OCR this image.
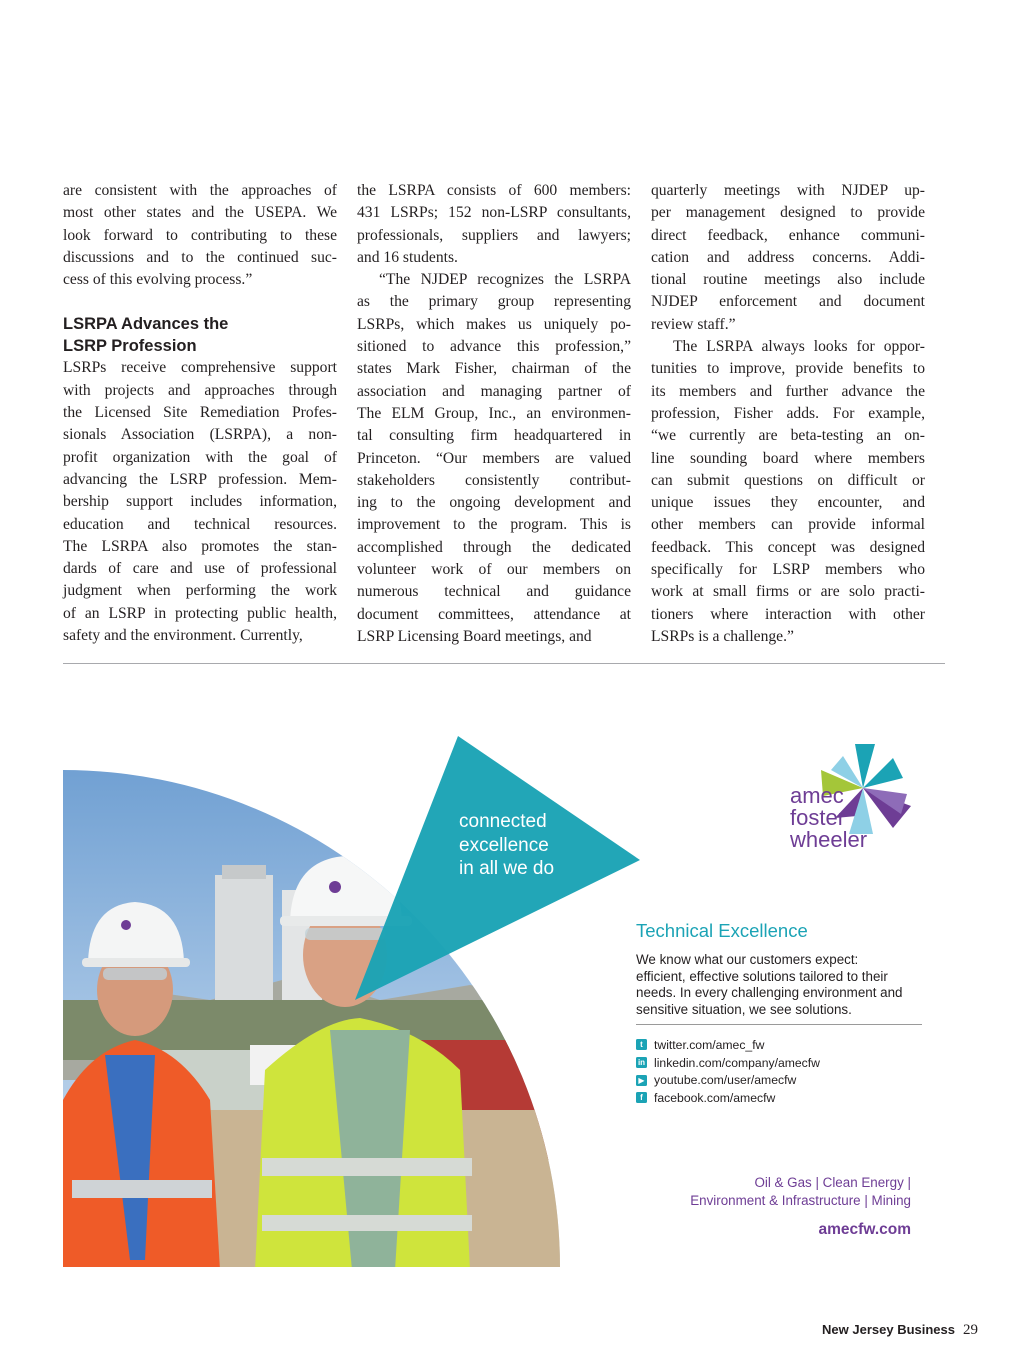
are consistent with the approaches of
most other states and the USEPA. We
look forward to contributing to these
discussions and to the continued suc-
cess of this evolving process.”

LSRPA Advances the
LSRP Profession

LSRPs receive comprehensive support
with projects and approaches through
the Licensed Site Remediation Profes-
sionals Association (LSRPA), a non-
profit organization with the goal of
advancing the LSRP profession. Mem-
bership support includes information,
education and technical resources.
The LSRPA also promotes the stan-
dards of care and use of professional
judgment when performing the work
of an LSRP in protecting public health,
safety and the environment. Currently,

the LSRPA consists of 600 members:
431 LSRPs; 152 non-LSRP consultants,
professionals, suppliers and lawyers;
and 16 students.

“The NJDEP recognizes the LSRPA
as the primary group representing
LSRPs, which makes us uniquely po-
sitioned to advance this profession,”
states Mark Fisher, chairman of the
association and managing partner of
The ELM Group, Inc., an environmen-
tal consulting firm headquartered in
Princeton. “Our members are valued
stakeholders consistently contribut-
ing to the ongoing development and
improvement to the program. This is
accomplished through the dedicated
volunteer work of our members on
numerous technical and guidance
document committees, attendance at
LSRP Licensing Board meetings, and

quarterly meetings with NJDEP up-
per management designed to provide
direct feedback, enhance communi-
cation and address concerns. Addi-
tional routine meetings also include
NJDEP enforcement and document
review staff.”

The LSRPA always looks for oppor-
tunities to improve, provide benefits to
its members and further advance the
profession, Fisher adds. For example,
“we currently are beta-testing an on-
line sounding board where members
can submit questions on difficult or
unique issues they encounter, and
other members can provide informal
feedback. This concept was designed
specifically for LSRP members who
work at small firms or are solo practi-
tioners where interaction with other
LSRPs is a challenge.”

connected
excellence
in all we do
amec
foster
wheeler
Technical Excellence
We know what our customers expect:
efficient, effective solutions tailored to their
needs. In every challenging environment and
sensitive situation, we see solutions.
t twitter.com/amec_fw
in linkedin.com/company/amecfw
▶ youtube.com/user/amecfw
f facebook.com/amecfw
Oil & Gas | Clean Energy |
Environment & Infrastructure | Mining
amecfw.com
New Jersey Business 29
